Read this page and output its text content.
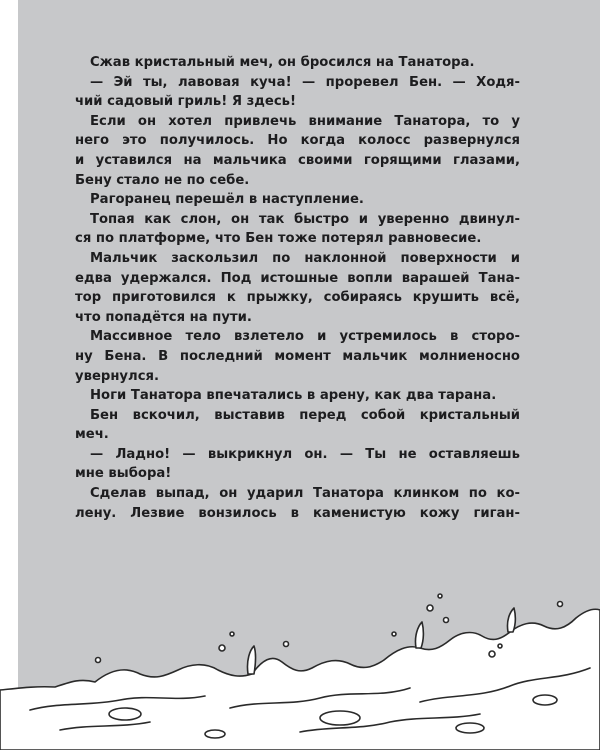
Сжав кристальный меч, он бросился на Танатора.
— Эй ты, лавовая куча! — проревел Бен. — Ходя-
чий садовый гриль! Я здесь!
Если он хотел привлечь внимание Танатора, то у
него это получилось. Но когда колосс развернулся
и уставился на мальчика своими горящими глазами,
Бену стало не по себе.
Рагоранец перешёл в наступление.
Топая как слон, он так быстро и уверенно двинул-
ся по платформе, что Бен тоже потерял равновесие.
Мальчик заскользил по наклонной поверхности и
едва удержался. Под истошные вопли варашей Тана-
тор приготовился к прыжку, собираясь крушить всё,
что попадётся на пути.
Массивное тело взлетело и устремилось в сторо-
ну Бена. В последний момент мальчик молниеносно
увернулся.
Ноги Танатора впечатались в арену, как два тарана.
Бен вскочил, выставив перед собой кристальный
меч.
— Ладно! — выкрикнул он. — Ты не оставляешь
мне выбора!
Сделав выпад, он ударил Танатора клинком по ко-
лену. Лезвие вонзилось в каменистую кожу гиган-
